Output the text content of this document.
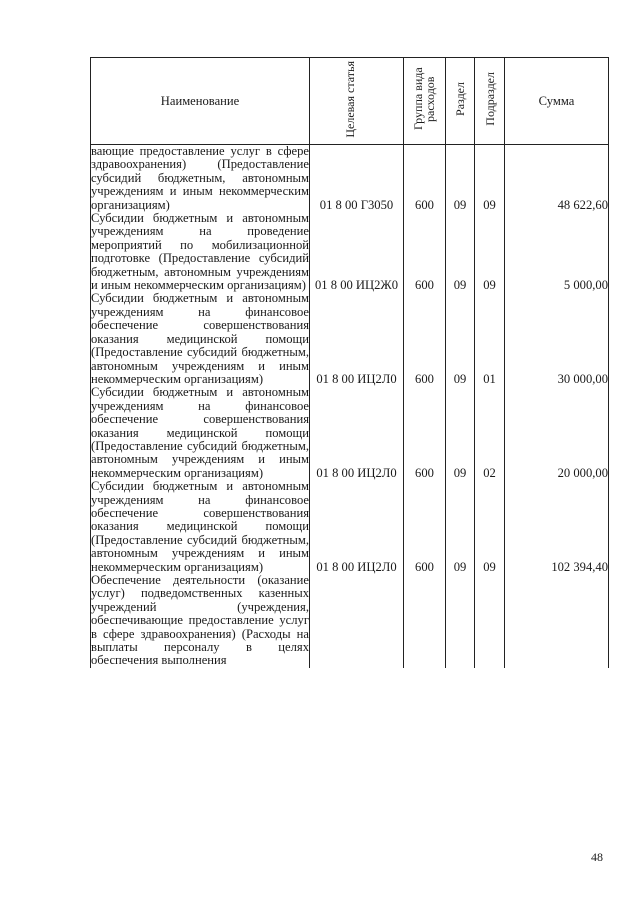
Наименование	Целевая статья	Группа вида расходов	Раздел	Подраздел	Сумма
вающие предоставление услуг в сфере здравоохранения) (Предоставление субсидий бюджетным, автономным учреждениям и иным некоммерческим организациям)	01 8 00 Г3050	600	09	09	48 622,60
Субсидии бюджетным и автономным учреждениям на проведение мероприятий по мобилизационной подготовке (Предоставление субсидий бюджетным, автономным учреждениям и иным некоммерческим организациям)	01 8 00 ИЦ2Ж0	600	09	09	5 000,00
Субсидии бюджетным и автономным учреждениям на финансовое обеспечение совершенствования оказания медицинской помощи (Предоставление субсидий бюджетным, автономным учреждениям и иным некоммерческим организациям)	01 8 00 ИЦ2Л0	600	09	01	30 000,00
Субсидии бюджетным и автономным учреждениям на финансовое обеспечение совершенствования оказания медицинской помощи (Предоставление субсидий бюджетным, автономным учреждениям и иным некоммерческим организациям)	01 8 00 ИЦ2Л0	600	09	02	20 000,00
Субсидии бюджетным и автономным учреждениям на финансовое обеспечение совершенствования оказания медицинской помощи (Предоставление субсидий бюджетным, автономным учреждениям и иным некоммерческим организациям)	01 8 00 ИЦ2Л0	600	09	09	102 394,40
Обеспечение деятельности (оказание услуг) подведомственных казенных учреждений (учреждения, обеспечивающие предоставление услуг в сфере здравоохранения) (Расходы на выплаты персоналу в целях обеспечения выполнения					
48
